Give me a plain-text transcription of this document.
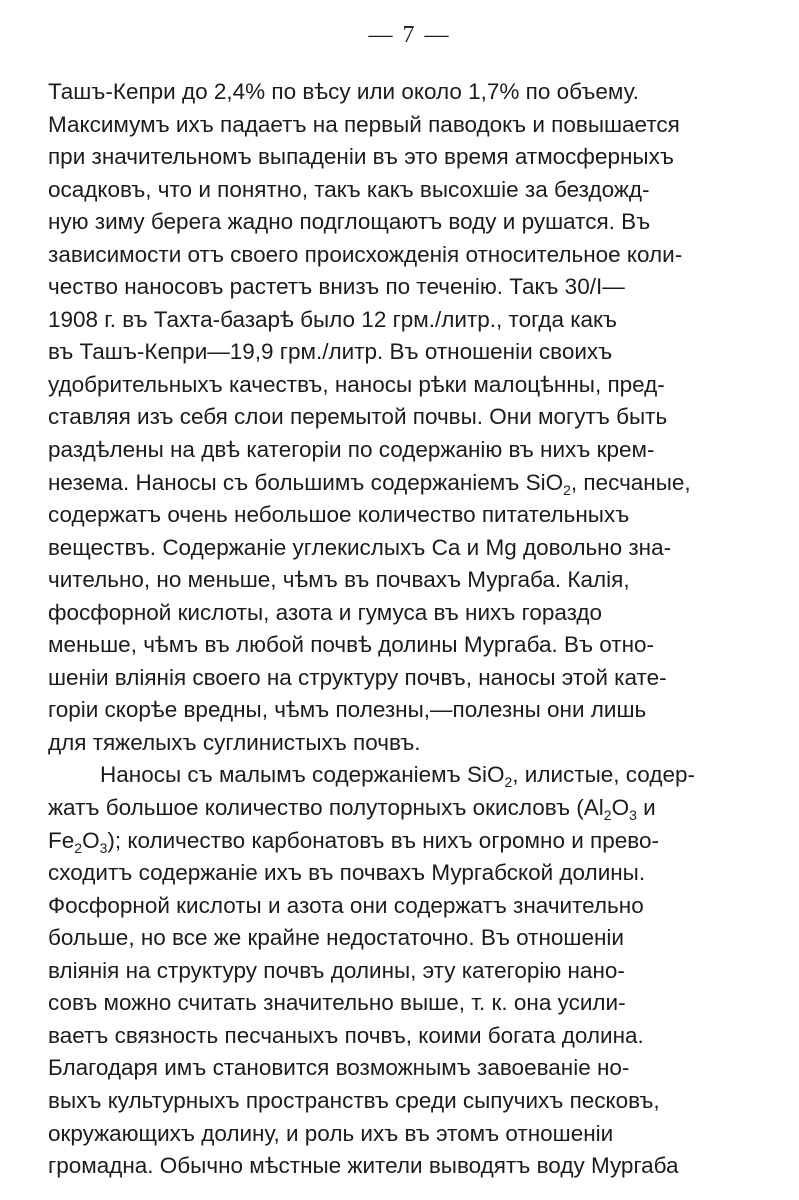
— 7 —
Ташъ-Кепри до 2,4% по вѣсу или около 1,7% по объему.
Максимумъ ихъ падаетъ на первый паводокъ и повышается
при значительномъ выпаденiи въ это время атмосферныхъ
осадковъ, что и понятно, такъ какъ высохшiе за бездожд-
ную зиму берега жадно подглощаютъ воду и рушатся. Въ
зависимости отъ своего происхожденiя относительное коли-
чество наносовъ растетъ внизъ по теченiю. Такъ 30/I—
1908 г. въ Тахта-базарѣ было 12 грм./литр., тогда какъ
въ Ташъ-Кепри—19,9 грм./литр. Въ отношенiи своихъ
удобрительныхъ качествъ, наносы рѣки малоцѣнны, пред-
ставляя изъ себя слои перемытой почвы. Они могутъ быть
раздѣлены на двѣ категорiи по содержанiю въ нихъ крем-
незема. Наносы съ большимъ содержанiемъ SiO$_2$, песчаные,
содержатъ очень небольшое количество питательныхъ
веществъ. Содержанiе углекислыхъ Ca и Mg довольно зна-
чительно, но меньше, чѣмъ въ почвахъ Мургаба. Калiя,
фосфорной кислоты, азота и гумуса въ нихъ гораздо
меньше, чѣмъ въ любой почвѣ долины Мургаба. Въ отно-
шенiи влiянiя своего на структуру почвъ, наносы этой кате-
горiи скорѣе вредны, чѣмъ полезны,—полезны они лишь
для тяжелыхъ суглинистыхъ почвъ.
Наносы съ малымъ содержанiемъ SiO$_2$, илистые, содер-
жатъ большое количество полуторныхъ окисловъ ($Al_2O_3$ и
$Fe_2O_3$); количество карбонатовъ въ нихъ огромно и прево-
сходитъ содержанiе ихъ въ почвахъ Мургабской долины.
Фосфорной кислоты и азота они содержатъ значительно
больше, но все же крайне недостаточно. Въ отношенiи
влiянiя на структуру почвъ долины, эту категорiю нано-
совъ можно считать значительно выше, т. к. она усили-
ваетъ связность песчаныхъ почвъ, коими богата долина.
Благодаря имъ становится возможнымъ завоеванiе но-
выхъ культурныхъ пространствъ среди сыпучихъ песковъ,
окружающихъ долину, и роль ихъ въ этомъ отношенiи
громадна. Обычно мѣстные жители выводятъ воду Мургаба
